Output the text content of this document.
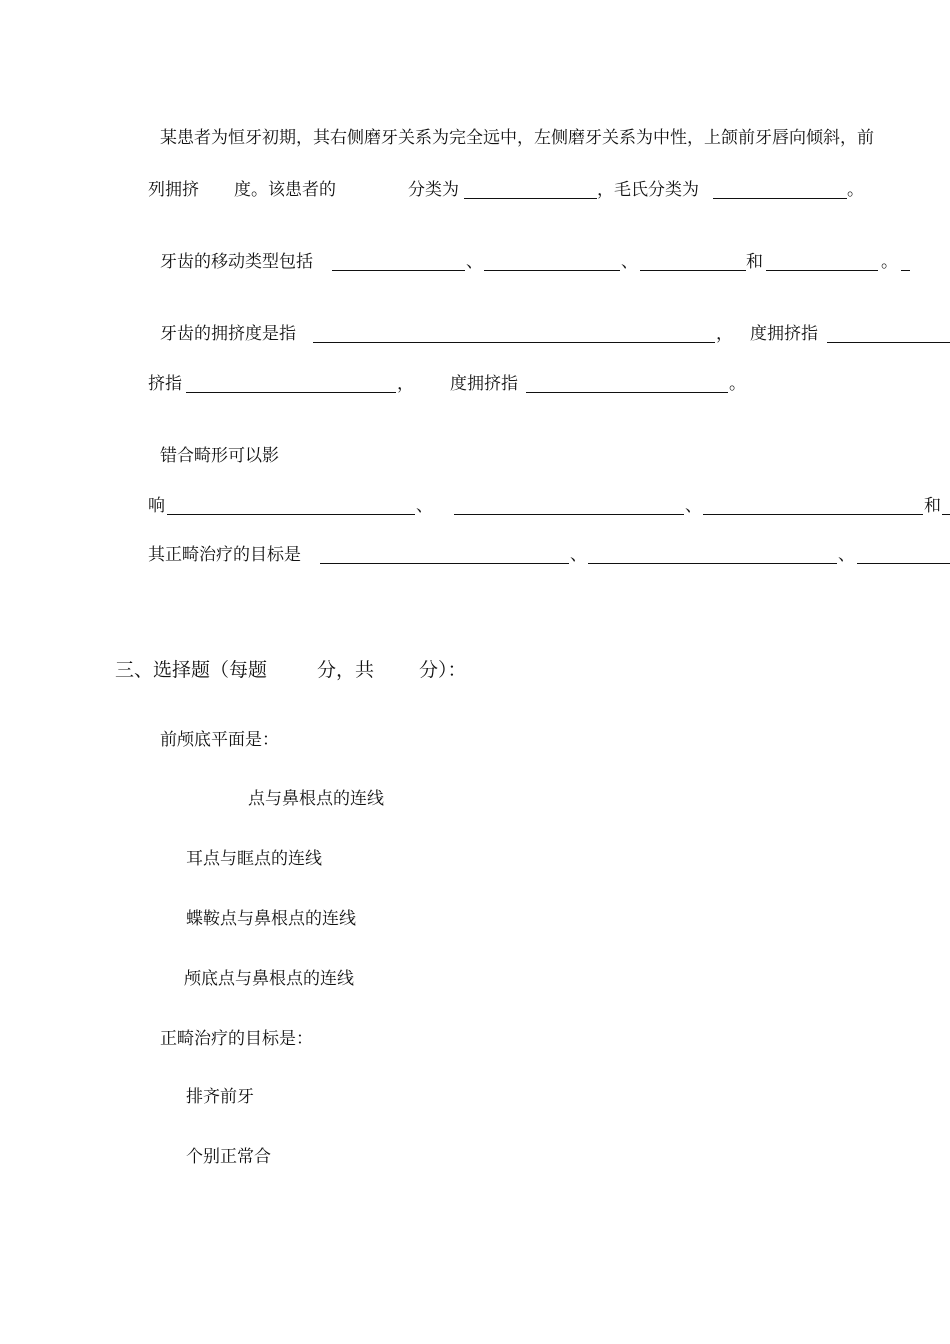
某患者为恒牙初期，其右侧磨牙关系为完全远中，左侧磨牙关系为中性，上颌前牙唇向倾斜，前
列拥挤 度。该患者的	分类为	，毛氏分类为	。
牙齿的移动类型包括	、	、	和	。
牙齿的拥挤度是指	， 度拥挤指
挤指	， 度拥挤指	。
错合畸形可以影
响	、	、	和
其正畸治疗的目标是	、	、
三、选择题（每题	分，共 分）：
前颅底平面是：
点与鼻根点的连线
耳点与眶点的连线
蝶鞍点与鼻根点的连线
颅底点与鼻根点的连线
正畸治疗的目标是：
排齐前牙
个别正常合
